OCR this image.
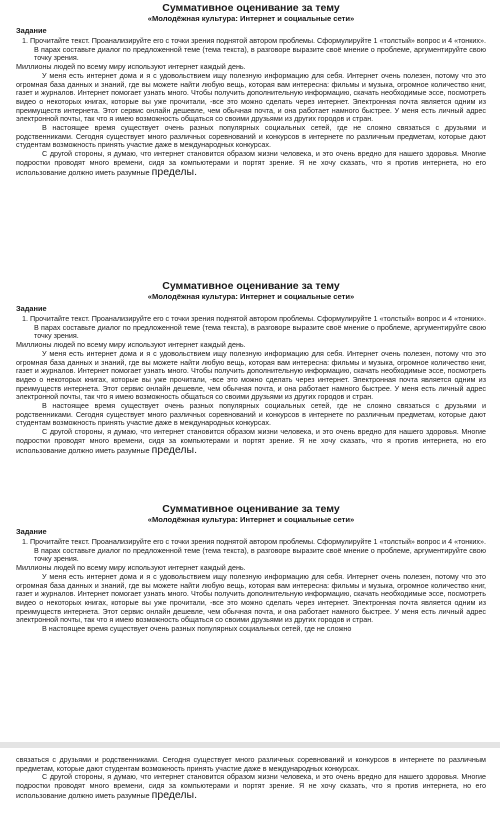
Суммативное оценивание за тему

«Молодёжная культура: Интернет и социальные сети»

Задание

1. Прочитайте текст. Проанализируйте его с точки зрения поднятой автором проблемы. Сформулируйте 1 «толстый» вопрос и 4 «тонких». В парах составьте диалог по предложенной теме (тема текста), в разговоре выразите своё мнение о проблеме, аргументируйте свою точку зрения.

Миллионы людей по всему миру используют интернет каждый день.

У меня есть интернет дома и я с удовольствием ищу полезную информацию для себя. Интернет очень полезен, потому что это огромная база данных и знаний, где вы можете найти любую вещь, которая вам интересна: фильмы и музыка, огромное количество книг, газет и журналов. Интернет помогает узнать много. Чтобы получить дополнительную информацию, скачать необходимые эссе, посмотреть видео о некоторых книгах, которые вы уже прочитали, -все это можно сделать через интернет. Электронная почта является одним из преимуществ интернета. Этот сервис онлайн дешевле, чем обычная почта, и она работает намного быстрее. У меня есть личный адрес электронной почты, так что я имею возможность общаться со своими друзьями из других городов и стран.

В настоящее время существует очень разных популярных социальных сетей, где не сложно связаться с друзьями и родственниками. Сегодня существует много различных соревнований и конкурсов в интернете по различным предметам, которые дают студентам возможность принять участие даже в международных конкурсах.

С другой стороны, я думаю, что интернет становится образом жизни человека, и это очень вредно для нашего здоровья. Многие подростки проводят много времени, сидя за компьютерами и портят зрение. Я не хочу сказать, что я против интернета, но его использование должно иметь разумные пределы.

Суммативное оценивание за тему

«Молодёжная культура: Интернет и социальные сети»

Задание

1. Прочитайте текст. Проанализируйте его с точки зрения поднятой автором проблемы. Сформулируйте 1 «толстый» вопрос и 4 «тонких». В парах составьте диалог по предложенной теме (тема текста), в разговоре выразите своё мнение о проблеме, аргументируйте свою точку зрения.

Миллионы людей по всему миру используют интернет каждый день.

У меня есть интернет дома и я с удовольствием ищу полезную информацию для себя. Интернет очень полезен, потому что это огромная база данных и знаний, где вы можете найти любую вещь, которая вам интересна: фильмы и музыка, огромное количество книг, газет и журналов. Интернет помогает узнать много. Чтобы получить дополнительную информацию, скачать необходимые эссе, посмотреть видео о некоторых книгах, которые вы уже прочитали, -все это можно сделать через интернет. Электронная почта является одним из преимуществ интернета. Этот сервис онлайн дешевле, чем обычная почта, и она работает намного быстрее. У меня есть личный адрес электронной почты, так что я имею возможность общаться со своими друзьями из других городов и стран.

В настоящее время существует очень разных популярных социальных сетей, где не сложно связаться с друзьями и родственниками. Сегодня существует много различных соревнований и конкурсов в интернете по различным предметам, которые дают студентам возможность принять участие даже в международных конкурсах.

С другой стороны, я думаю, что интернет становится образом жизни человека, и это очень вредно для нашего здоровья. Многие подростки проводят много времени, сидя за компьютерами и портят зрение. Я не хочу сказать, что я против интернета, но его использование должно иметь разумные пределы.

Суммативное оценивание за тему

«Молодёжная культура: Интернет и социальные сети»

Задание

1. Прочитайте текст. Проанализируйте его с точки зрения поднятой автором проблемы. Сформулируйте 1 «толстый» вопрос и 4 «тонких». В парах составьте диалог по предложенной теме (тема текста), в разговоре выразите своё мнение о проблеме, аргументируйте свою точку зрения.

Миллионы людей по всему миру используют интернет каждый день.

У меня есть интернет дома и я с удовольствием ищу полезную информацию для себя. Интернет очень полезен, потому что это огромная база данных и знаний, где вы можете найти любую вещь, которая вам интересна: фильмы и музыка, огромное количество книг, газет и журналов. Интернет помогает узнать много. Чтобы получить дополнительную информацию, скачать необходимые эссе, посмотреть видео о некоторых книгах, которые вы уже прочитали, -все это можно сделать через интернет. Электронная почта является одним из преимуществ интернета. Этот сервис онлайн дешевле, чем обычная почта, и она работает намного быстрее. У меня есть личный адрес электронной почты, так что я имею возможность общаться со своими друзьями из других городов и стран.

В настоящее время существует очень разных популярных социальных сетей, где не сложно

связаться с друзьями и родственниками. Сегодня существует много различных соревнований и конкурсов в интернете по различным предметам, которые дают студентам возможность принять участие даже в международных конкурсах.

С другой стороны, я думаю, что интернет становится образом жизни человека, и это очень вредно для нашего здоровья. Многие подростки проводят много времени, сидя за компьютерами и портят зрение. Я не хочу сказать, что я против интернета, но его использование должно иметь разумные пределы.
